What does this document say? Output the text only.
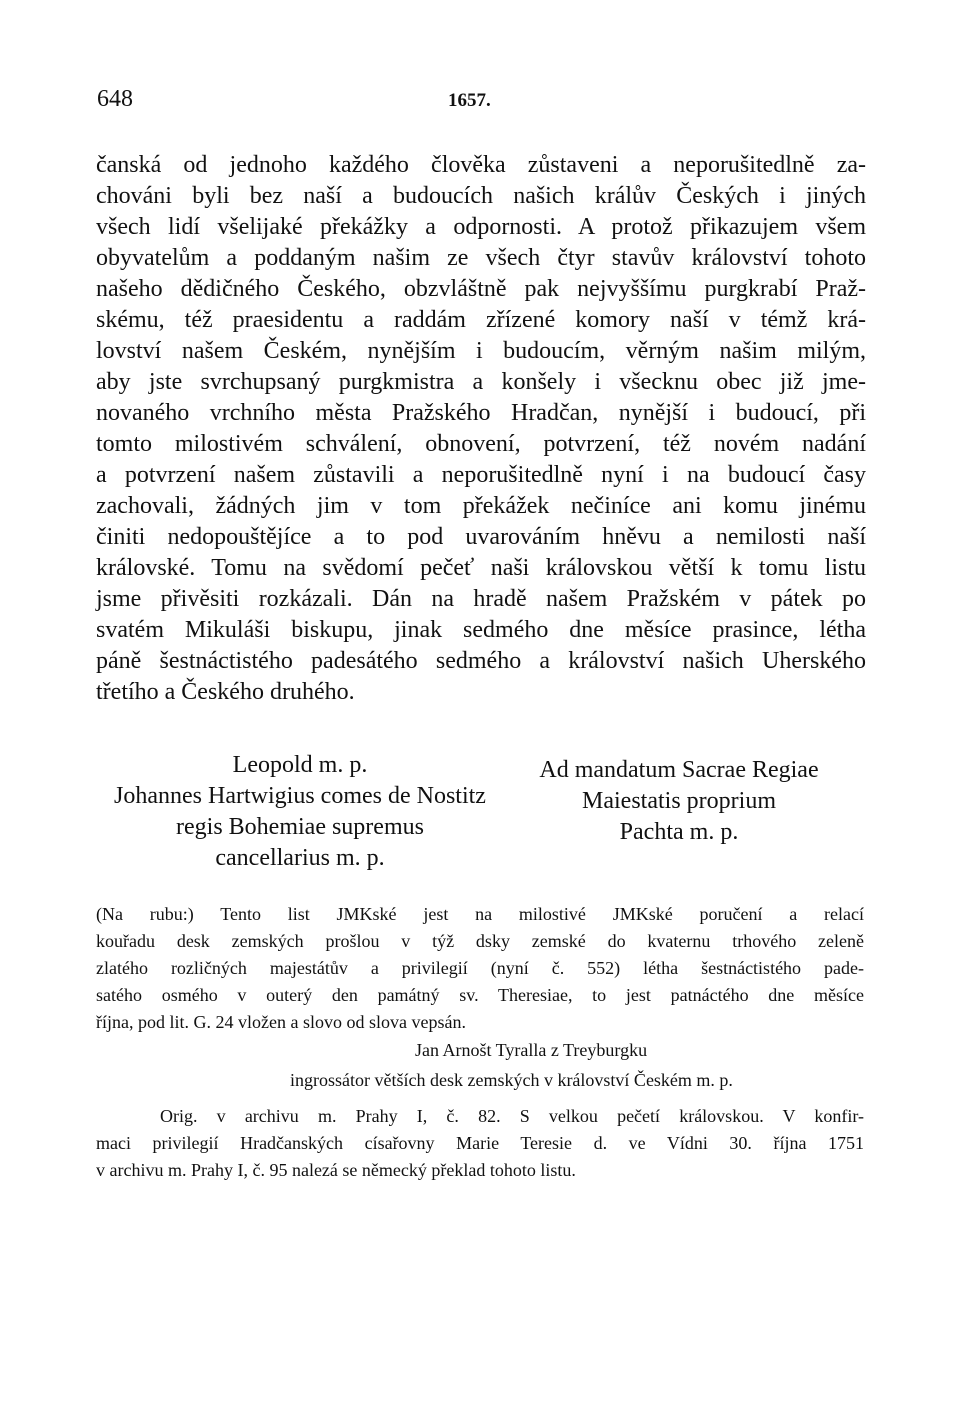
648	1657.
čanská od jednoho každého člověka zůstaveni a neporušitedlně za-
chováni byli bez naší a budoucích našich králův Českých i jiných
všech lidí všelijaké překážky a odpornosti. A protož přikazujem všem
obyvatelům a poddaným našim ze všech čtyr stavův království tohoto
našeho dědičného Českého, obzvláštně pak nejvyššímu purgkrabí Praž-
skému, též praesidentu a raddám zřízené komory naší v témž krá-
lovství našem Českém, nynějším i budoucím, věrným našim milým,
aby jste svrchupsaný purgkmistra a konšely i všecknu obec již jme-
novaného vrchního města Pražského Hradčan, nynější i budoucí, při
tomto milostivém schválení, obnovení, potvrzení, též novém nadání
a potvrzení našem zůstavili a neporušitedlně nyní i na budoucí časy
zachovali, žádných jim v tom překážek nečiníce ani komu jinému
činiti nedopouštějíce a to pod uvarováním hněvu a nemilosti naší
královské. Tomu na svědomí pečeť naši královskou větší k tomu listu
jsme přivěsiti rozkázali. Dán na hradě našem Pražském v pátek po
svatém Mikuláši biskupu, jinak sedmého dne měsíce prasince, létha
páně šestnáctistého padesátého sedmého a království našich Uherského
třetího a Českého druhého.
Leopold m. p.
Johannes Hartwigius comes de Nostitz
regis Bohemiae supremus
cancellarius m. p.
Ad mandatum Sacrae Regiae
Maiestatis proprium
Pachta m. p.
(Na rubu:) Tento list JMKské jest na milostivé JMKské poručení a relací
kouřadu desk zemských prošlou v týž dsky zemské do kvaternu trhového zeleně
zlatého rozličných majestátův a privilegií (nyní č. 552) létha šestnáctistého pade-
satého osmého v outerý den památný sv. Theresiae, to jest patnáctého dne měsíce
října, pod lit. G. 24 vložen a slovo od slova vepsán.
Jan Arnošt Tyralla z Treyburgku
ingrossátor větších desk zemských v království Českém m. p.
Orig. v archivu m. Prahy I, č. 82. S velkou pečetí královskou. V konfir-
maci privilegií Hradčanských císařovny Marie Teresie d. ve Vídni 30. října 1751
v archivu m. Prahy I, č. 95 nalezá se německý překlad tohoto listu.
